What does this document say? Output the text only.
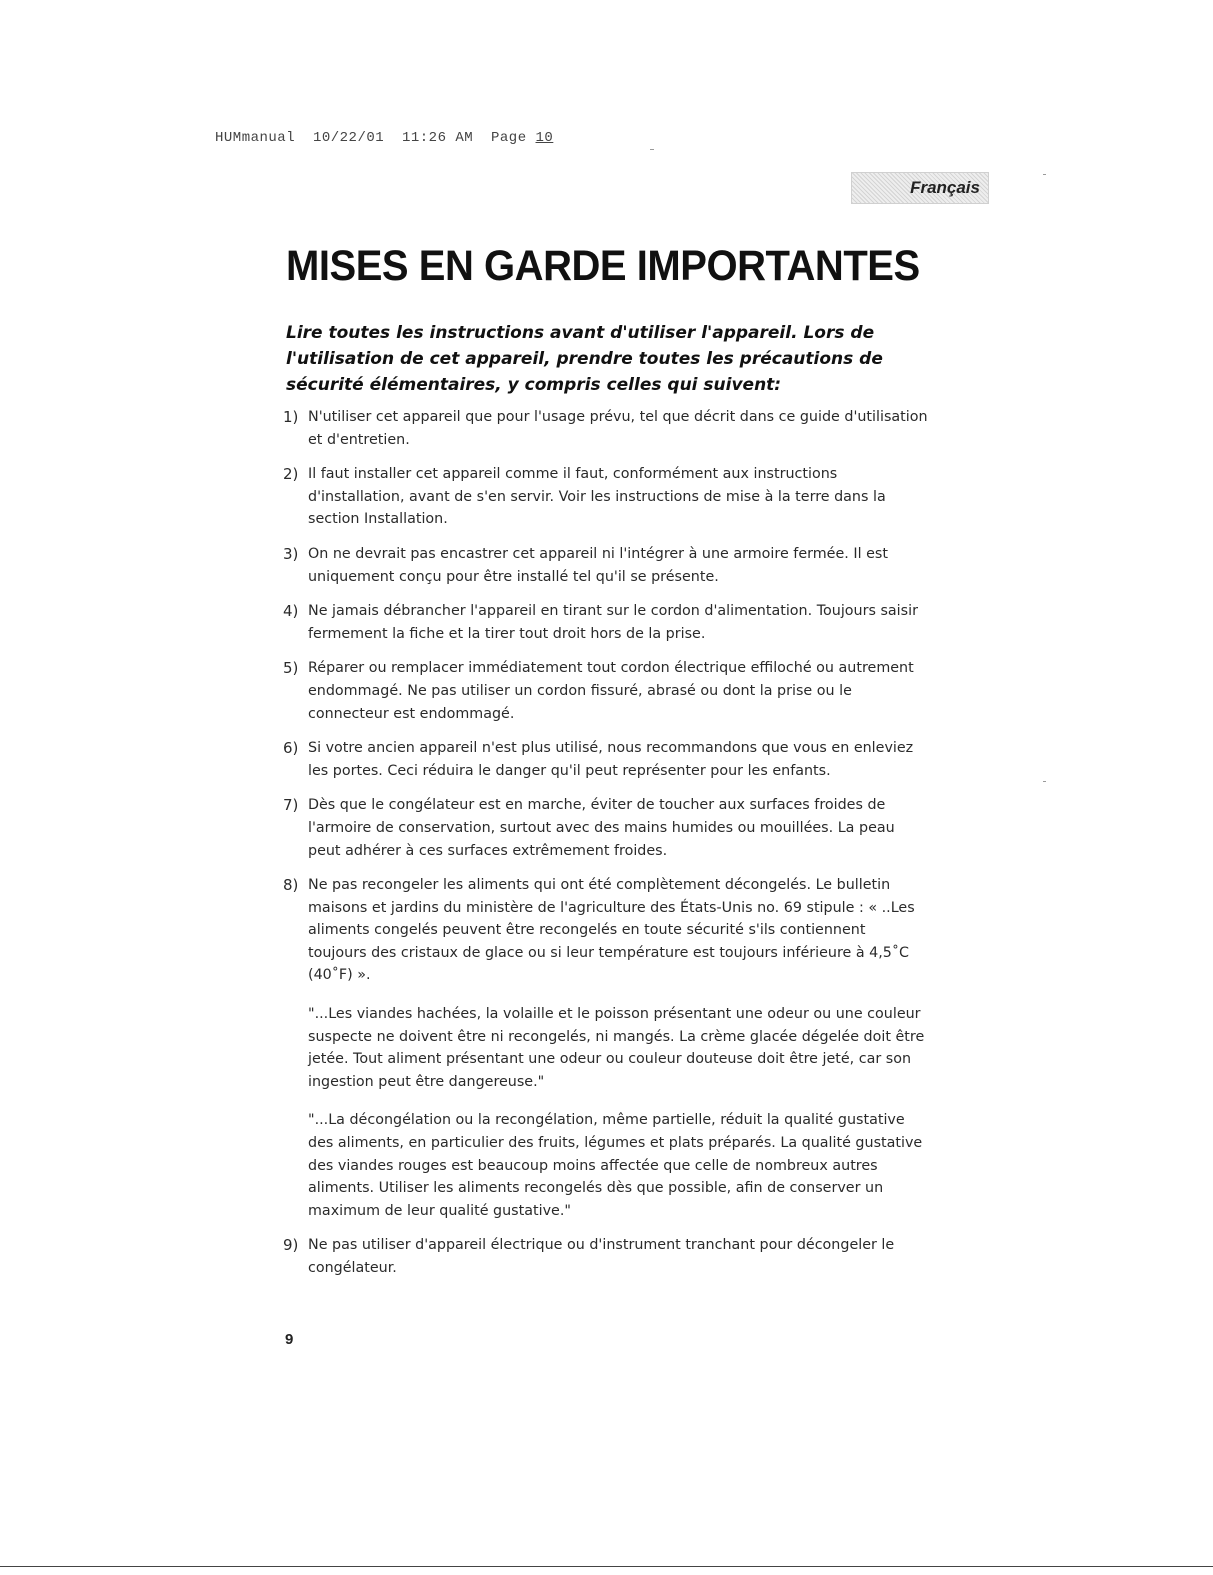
HUMmanual 10/22/01 11:26 AM Page 10
Français
MISES EN GARDE IMPORTANTES
Lire toutes les instructions avant d'utiliser l'appareil. Lors de l'utilisation de cet appareil, prendre toutes les précautions de sécurité élémentaires, y compris celles qui suivent:
1) N'utiliser cet appareil que pour l'usage prévu, tel que décrit dans ce guide d'utilisation et d'entretien.
2) Il faut installer cet appareil comme il faut, conformément aux instructions d'installation, avant de s'en servir. Voir les instructions de mise à la terre dans la section Installation.
3) On ne devrait pas encastrer cet appareil ni l'intégrer à une armoire fermée. Il est uniquement conçu pour être installé tel qu'il se présente.
4) Ne jamais débrancher l'appareil en tirant sur le cordon d'alimentation. Toujours saisir fermement la fiche et la tirer tout droit hors de la prise.
5) Réparer ou remplacer immédiatement tout cordon électrique effiloché ou autrement endommagé. Ne pas utiliser un cordon fissuré, abrasé ou dont la prise ou le connecteur est endommagé.
6) Si votre ancien appareil n'est plus utilisé, nous recommandons que vous en enleviez les portes. Ceci réduira le danger qu'il peut représenter pour les enfants.
7) Dès que le congélateur est en marche, éviter de toucher aux surfaces froides de l'armoire de conservation, surtout avec des mains humides ou mouillées. La peau peut adhérer à ces surfaces extrêmement froides.
8) Ne pas recongeler les aliments qui ont été complètement décongelés. Le bulletin maisons et jardins du ministère de l'agriculture des États-Unis no. 69 stipule : « ..Les aliments congelés peuvent être recongelés en toute sécurité s'ils contiennent toujours des cristaux de glace ou si leur température est toujours inférieure à 4,5˚C (40˚F) ».
"...Les viandes hachées, la volaille et le poisson présentant une odeur ou une couleur suspecte ne doivent être ni recongelés, ni mangés. La crème glacée dégelée doit être jetée. Tout aliment présentant une odeur ou couleur douteuse doit être jeté, car son ingestion peut être dangereuse."
"...La décongélation ou la recongélation, même partielle, réduit la qualité gustative des aliments, en particulier des fruits, légumes et plats préparés. La qualité gustative des viandes rouges est beaucoup moins affectée que celle de nombreux autres aliments. Utiliser les aliments recongelés dès que possible, afin de conserver un maximum de leur qualité gustative."
9) Ne pas utiliser d'appareil électrique ou d'instrument tranchant pour décongeler le congélateur.
9
